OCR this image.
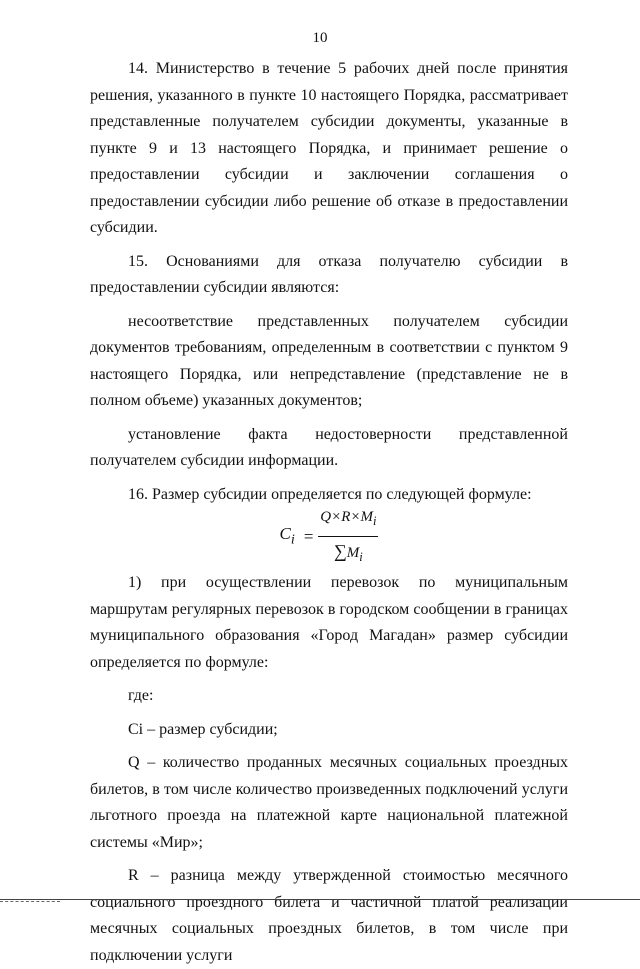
10

14. Министерство в течение 5 рабочих дней после принятия решения, указанного в пункте 10 настоящего Порядка, рассматривает представленные получателем субсидии документы, указанные в пункте 9 и 13 настоящего Порядка, и принимает решение о предоставлении субсидии и заключении соглашения о предоставлении субсидии либо решение об отказе в предоставлении субсидии.

15. Основаниями для отказа получателю субсидии в предоставлении субсидии являются:

несоответствие представленных получателем субсидии документов требованиям, определенным в соответствии с пунктом 9 настоящего Порядка, или непредставление (представление не в полном объеме) указанных документов;

установление факта недостоверности представленной получателем субсидии информации.

16. Размер субсидии определяется по следующей формуле:

$C_i = \frac{Q\times R\times M_i}{\sum M_i}$

1) при осуществлении перевозок по муниципальным маршрутам регулярных перевозок в городском сообщении в границах муниципального образования «Город Магадан» размер субсидии определяется по формуле:

где:

Ci – размер субсидии;

Q – количество проданных месячных социальных проездных билетов, в том числе количество произведенных подключений услуги льготного проезда на платежной карте национальной платежной системы «Мир»;

R – разница между утвержденной стоимостью месячного социального проездного билета и частичной платой реализации месячных социальных проездных билетов, в том числе при подключении услуги
